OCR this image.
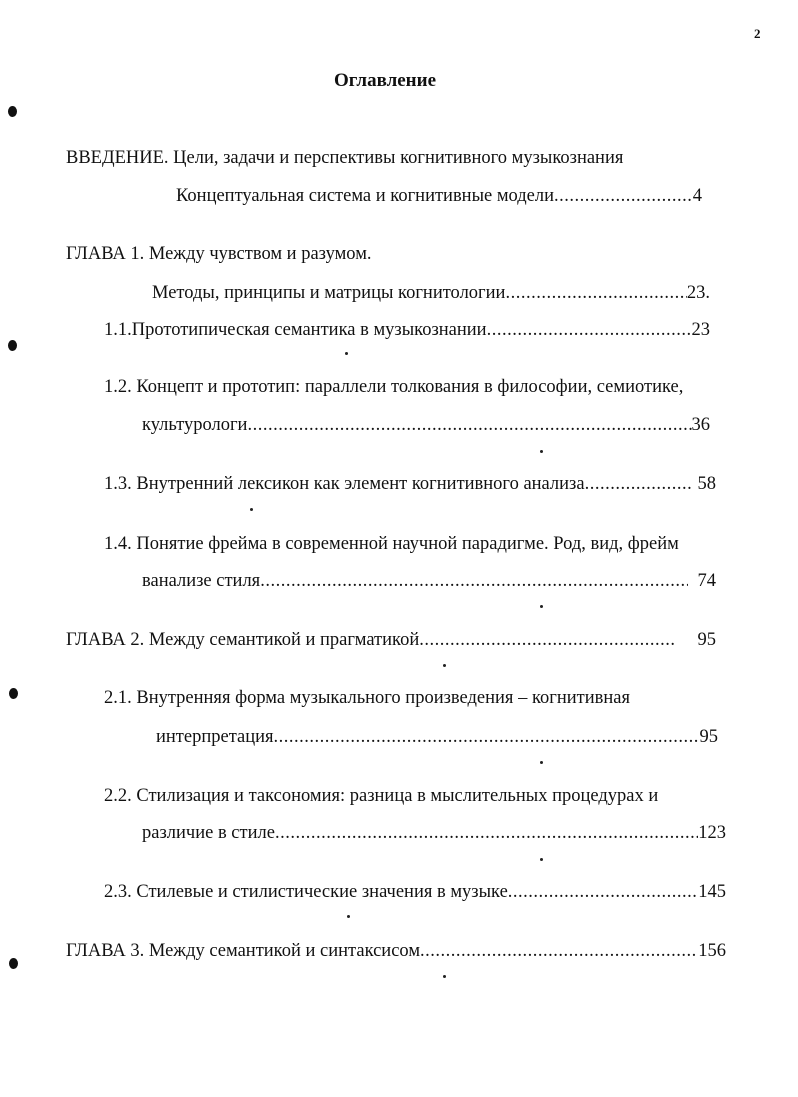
2
Оглавление
ВВЕДЕНИЕ. Цели, задачи и перспективы когнитивного музыкознания
Концептуальная система и когнитивные модели .....	4
ГЛАВА 1. Между чувством и разумом.
Методы, принципы и матрицы когнитологии .....	23.
1.1.Прототипическая семантика в музыкознании .....	23
1.2. Концепт и прототип: параллели толкования в философии, семиотике,
культурологи .....	36
1.3. Внутренний лексикон как элемент когнитивного анализа .....	58
1.4. Понятие фрейма в современной научной парадигме. Род, вид, фрейм
ванализе стиля .....	74
ГЛАВА 2. Между семантикой и прагматикой .....	95
2.1. Внутренняя форма музыкального произведения – когнитивная
интерпретация .....	95
2.2. Стилизация и таксономия: разница в мыслительных процедурах и
различие в стиле .....	123
2.3. Стилевые и стилистические значения в музыке .....	145
ГЛАВА 3. Между семантикой и синтаксисом .....	156
